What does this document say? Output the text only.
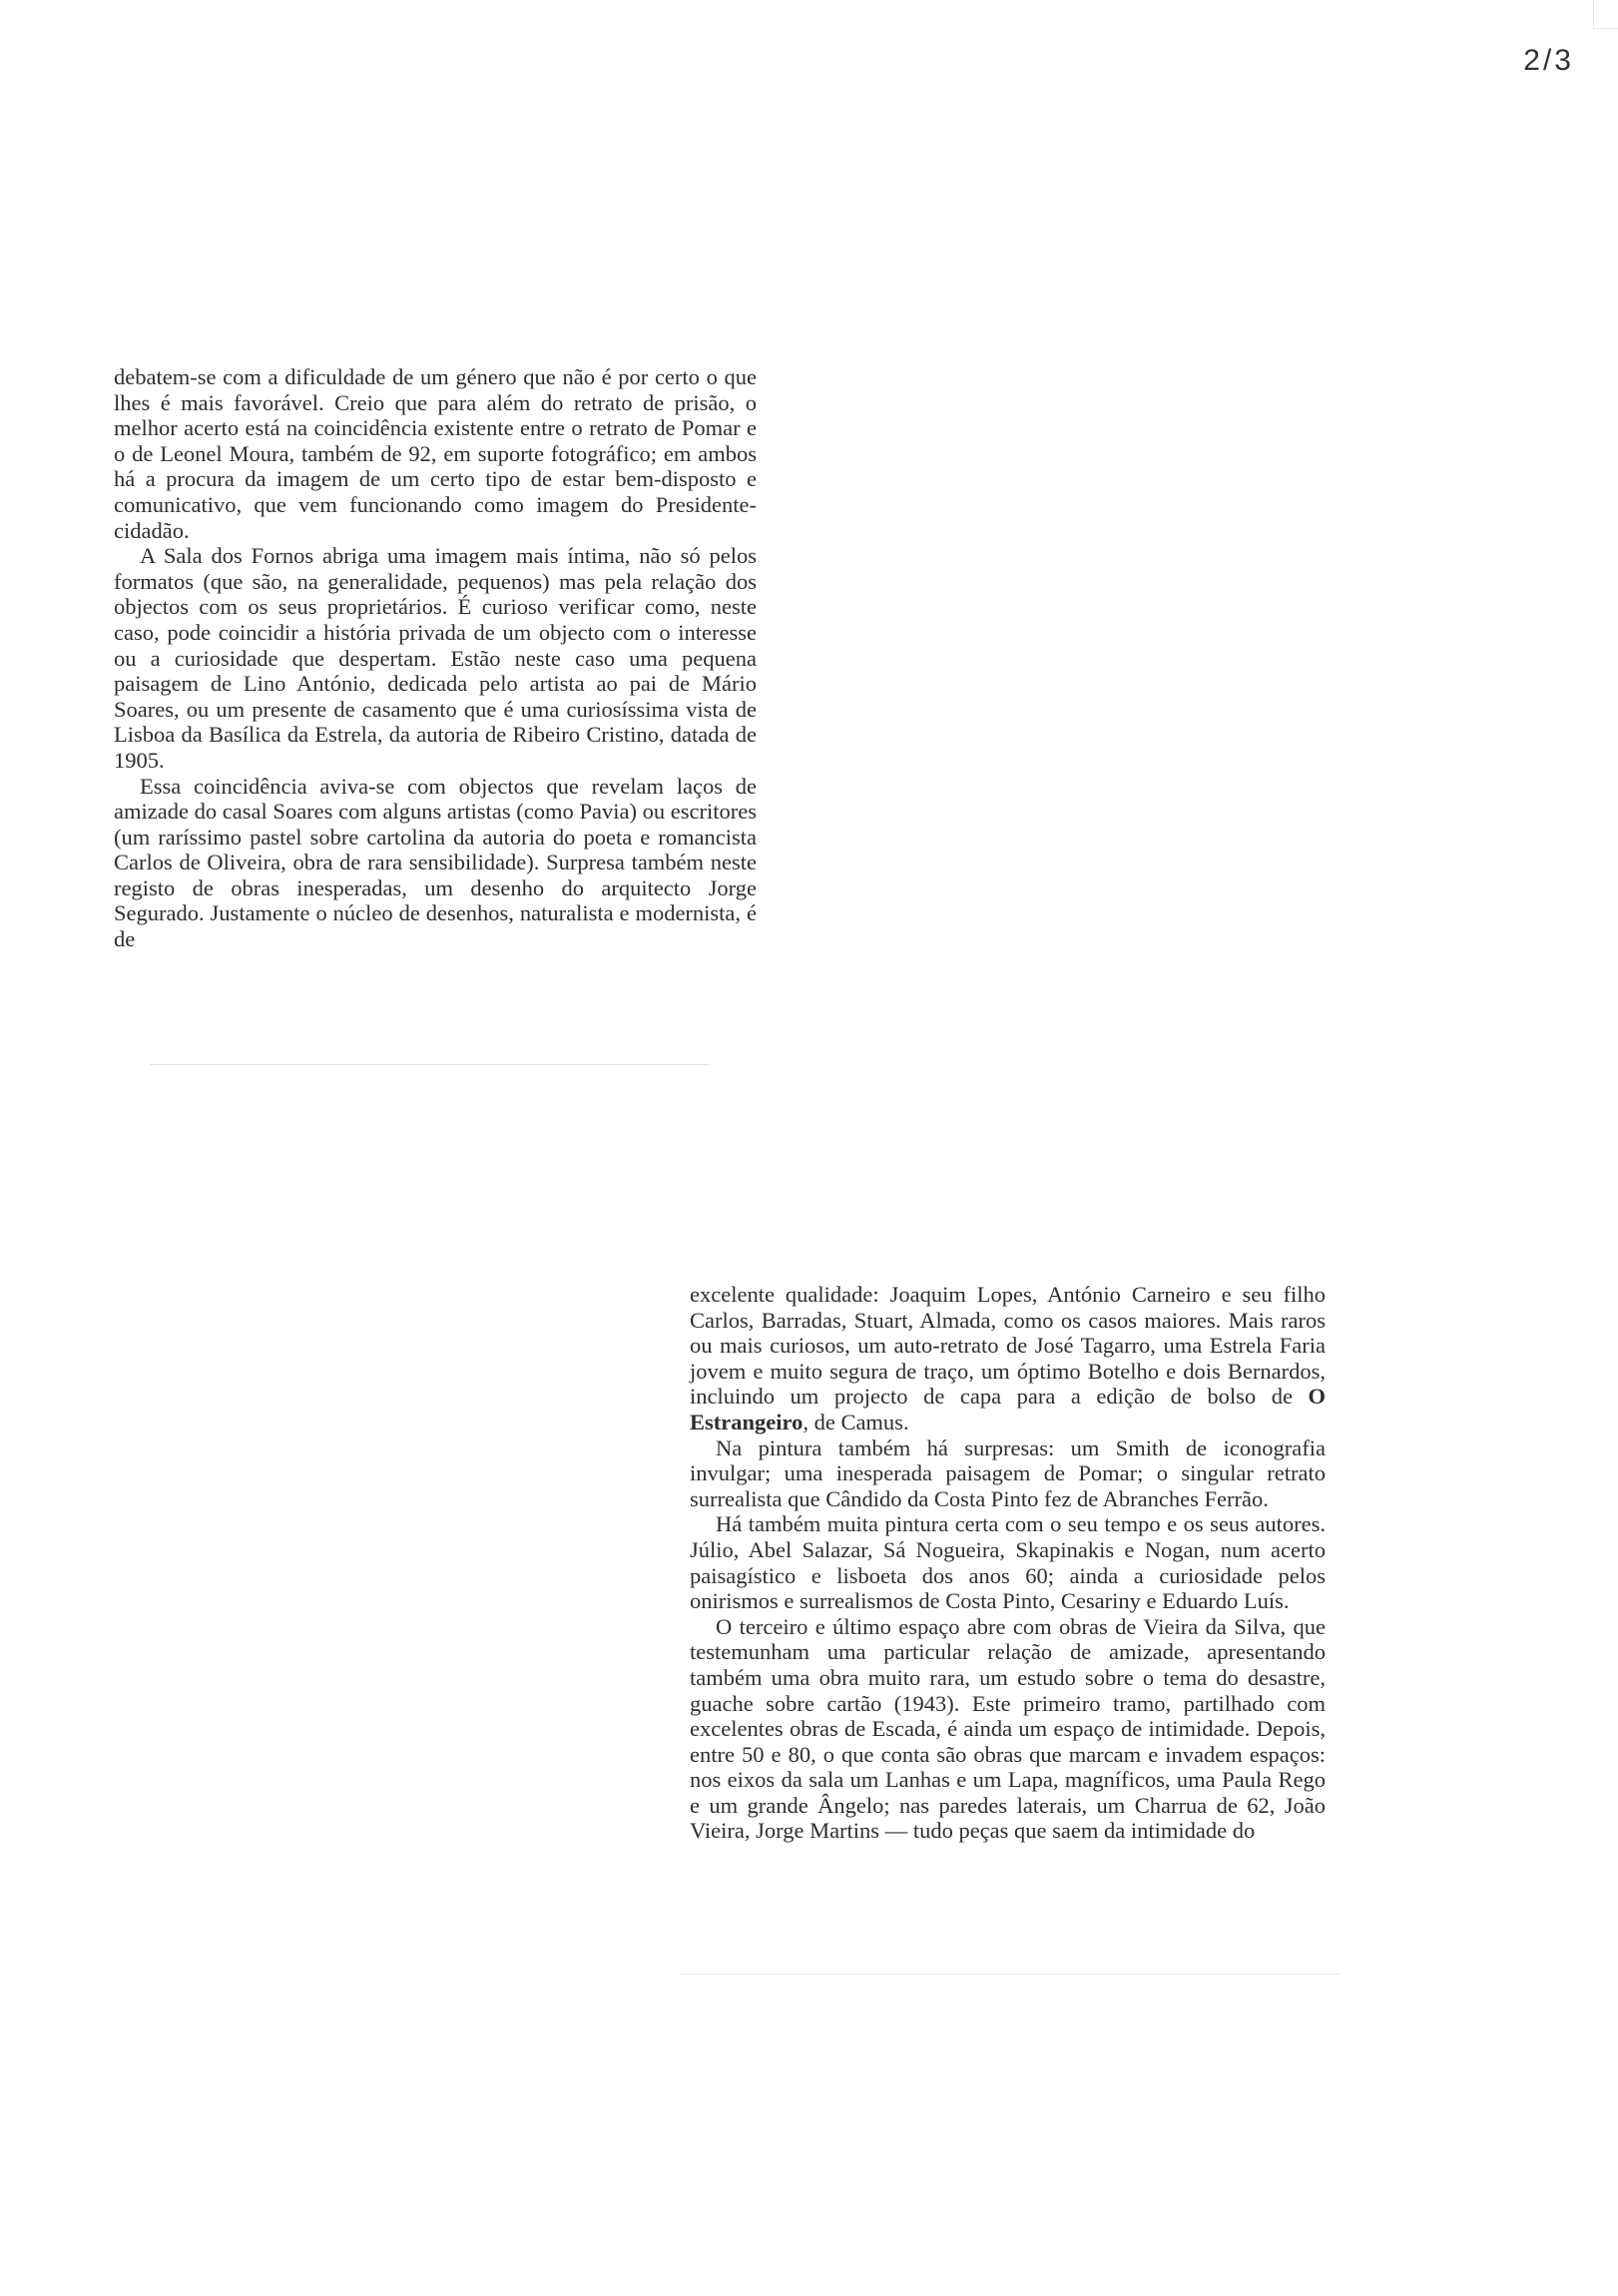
2/3

debatem-se com a dificuldade de um género que não é por certo o que lhes é mais favorável. Creio que para além do retrato de prisão, o melhor acerto está na coincidência existente entre o retrato de Pomar e o de Leonel Moura, também de 92, em suporte fotográfico; em ambos há a procura da imagem de um certo tipo de estar bem-disposto e comunicativo, que vem funcionando como imagem do Presidente-cidadão.

A Sala dos Fornos abriga uma imagem mais íntima, não só pelos formatos (que são, na generalidade, pequenos) mas pela relação dos objectos com os seus proprietários. É curioso verificar como, neste caso, pode coincidir a história privada de um objecto com o interesse ou a curiosidade que despertam. Estão neste caso uma pequena paisagem de Lino António, dedicada pelo artista ao pai de Mário Soares, ou um presente de casamento que é uma curiosíssima vista de Lisboa da Basílica da Estrela, da autoria de Ribeiro Cristino, datada de 1905.

Essa coincidência aviva-se com objectos que revelam laços de amizade do casal Soares com alguns artistas (como Pavia) ou escritores (um raríssimo pastel sobre cartolina da autoria do poeta e romancista Carlos de Oliveira, obra de rara sensibilidade). Surpresa também neste registo de obras inesperadas, um desenho do arquitecto Jorge Segurado. Justamente o núcleo de desenhos, naturalista e modernista, é de

excelente qualidade: Joaquim Lopes, António Carneiro e seu filho Carlos, Barradas, Stuart, Almada, como os casos maiores. Mais raros ou mais curiosos, um auto-retrato de José Tagarro, uma Estrela Faria jovem e muito segura de traço, um óptimo Botelho e dois Bernardos, incluindo um projecto de capa para a edição de bolso de O Estrangeiro, de Camus.

Na pintura também há surpresas: um Smith de iconografia invulgar; uma inesperada paisagem de Pomar; o singular retrato surrealista que Cândido da Costa Pinto fez de Abranches Ferrão.

Há também muita pintura certa com o seu tempo e os seus autores. Júlio, Abel Salazar, Sá Nogueira, Skapinakis e Nogan, num acerto paisagístico e lisboeta dos anos 60; ainda a curiosidade pelos onirismos e surrealismos de Costa Pinto, Cesariny e Eduardo Luís.

O terceiro e último espaço abre com obras de Vieira da Silva, que testemunham uma particular relação de amizade, apresentando também uma obra muito rara, um estudo sobre o tema do desastre, guache sobre cartão (1943). Este primeiro tramo, partilhado com excelentes obras de Escada, é ainda um espaço de intimidade. Depois, entre 50 e 80, o que conta são obras que marcam e invadem espaços: nos eixos da sala um Lanhas e um Lapa, magníficos, uma Paula Rego e um grande Ângelo; nas paredes laterais, um Charrua de 62, João Vieira, Jorge Martins — tudo peças que saem da intimidade do
